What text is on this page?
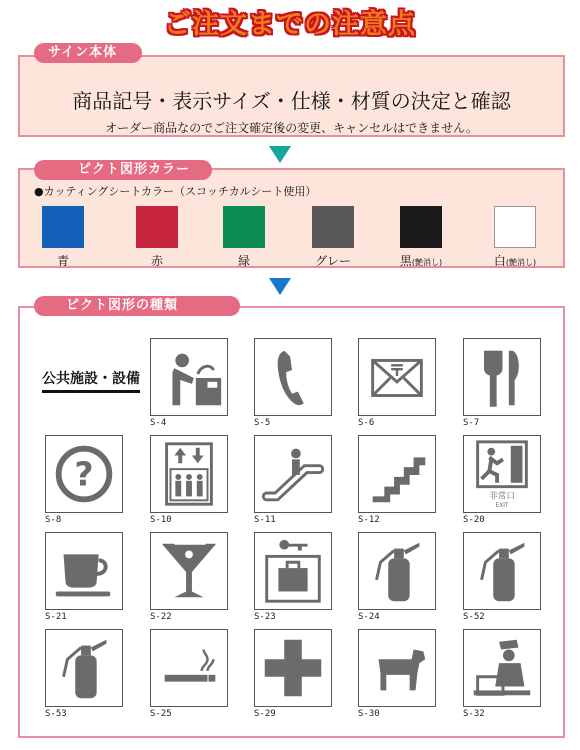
ご注文までの注意点
商品記号・表示サイズ・仕様・材質の決定と確認
オーダー商品なのでご注文確定後の変更、キャンセルはできません。
サイン本体
●カッティングシートカラー（スコッチカルシート使用）
青	赤	緑	グレー	黒(艶消し)	白(艶消し)
ピクト図形カラー
公共施設・設備
S-4	S-5	S-6	S-7
?
S-8	S-10	S-11	S-12
非常口
EXIT
S-20
S-21	S-22	S-23	S-24	S-52
S-53	S-25	S-29	S-30	S-32
ピクト図形の種類
